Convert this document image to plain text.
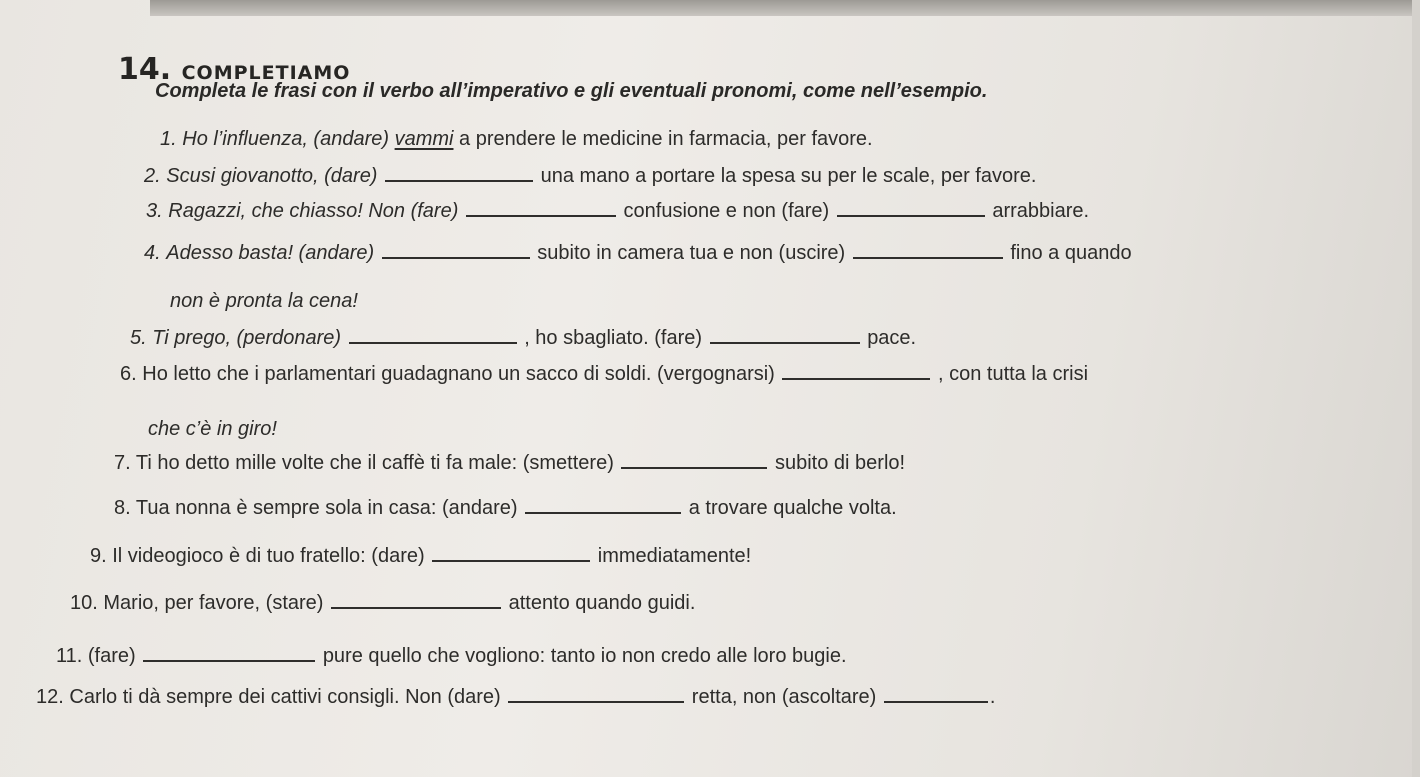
14. COMPLETIAMO
Completa le frasi con il verbo all’imperativo e gli eventuali pronomi, come nell’esempio.
1. Ho l’influenza, (andare) vammi a prendere le medicine in farmacia, per favore.
2. Scusi giovanotto, (dare)	una mano a portare la spesa su per le scale, per favore.
3. Ragazzi, che chiasso! Non (fare)	confusione e non (fare)	arrabbiare.
4. Adesso basta! (andare)	subito in camera tua e non (uscire)	fino a quando
non è pronta la cena!
5. Ti prego, (perdonare)	, ho sbagliato. (fare)	pace.
6. Ho letto che i parlamentari guadagnano un sacco di soldi. (vergognarsi)	, con tutta la crisi
che c’è in giro!
7. Ti ho detto mille volte che il caffè ti fa male: (smettere)	subito di berlo!
8. Tua nonna è sempre sola in casa: (andare)	a trovare qualche volta.
9. Il videogioco è di tuo fratello: (dare)	immediatamente!
10. Mario, per favore, (stare)	attento quando guidi.
11. (fare)	pure quello che vogliono: tanto io non credo alle loro bugie.
12. Carlo ti dà sempre dei cattivi consigli. Non (dare)	retta, non (ascoltare)	.
